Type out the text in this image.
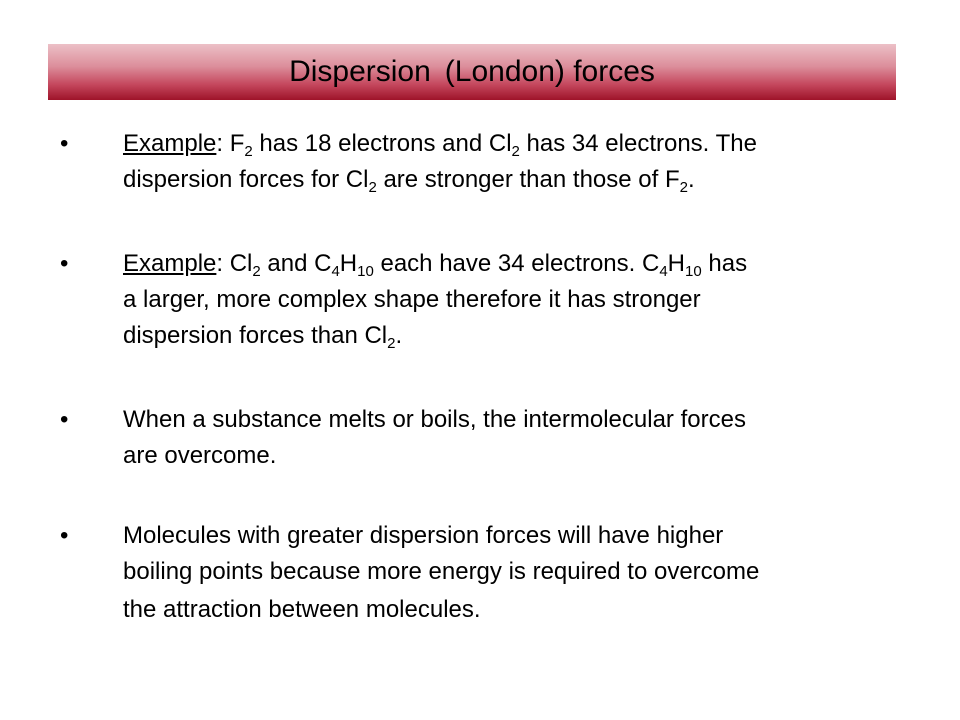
Dispersion (London) forces
•	Example: $F_2$ has 18 electrons and $Cl_2$ has 34 electrons. The
dispersion forces for $Cl_2$ are stronger than those of $F_2$.
•	Example: $Cl_2$ and $C_4H_{10}$ each have 34 electrons. $C_4H_{10}$ has
a larger, more complex shape therefore it has stronger
dispersion forces than $Cl_2$.
•	When a substance melts or boils, the intermolecular forces
are overcome.
•	Molecules with greater dispersion forces will have higher
boiling points because more energy is required to overcome
the attraction between molecules.
